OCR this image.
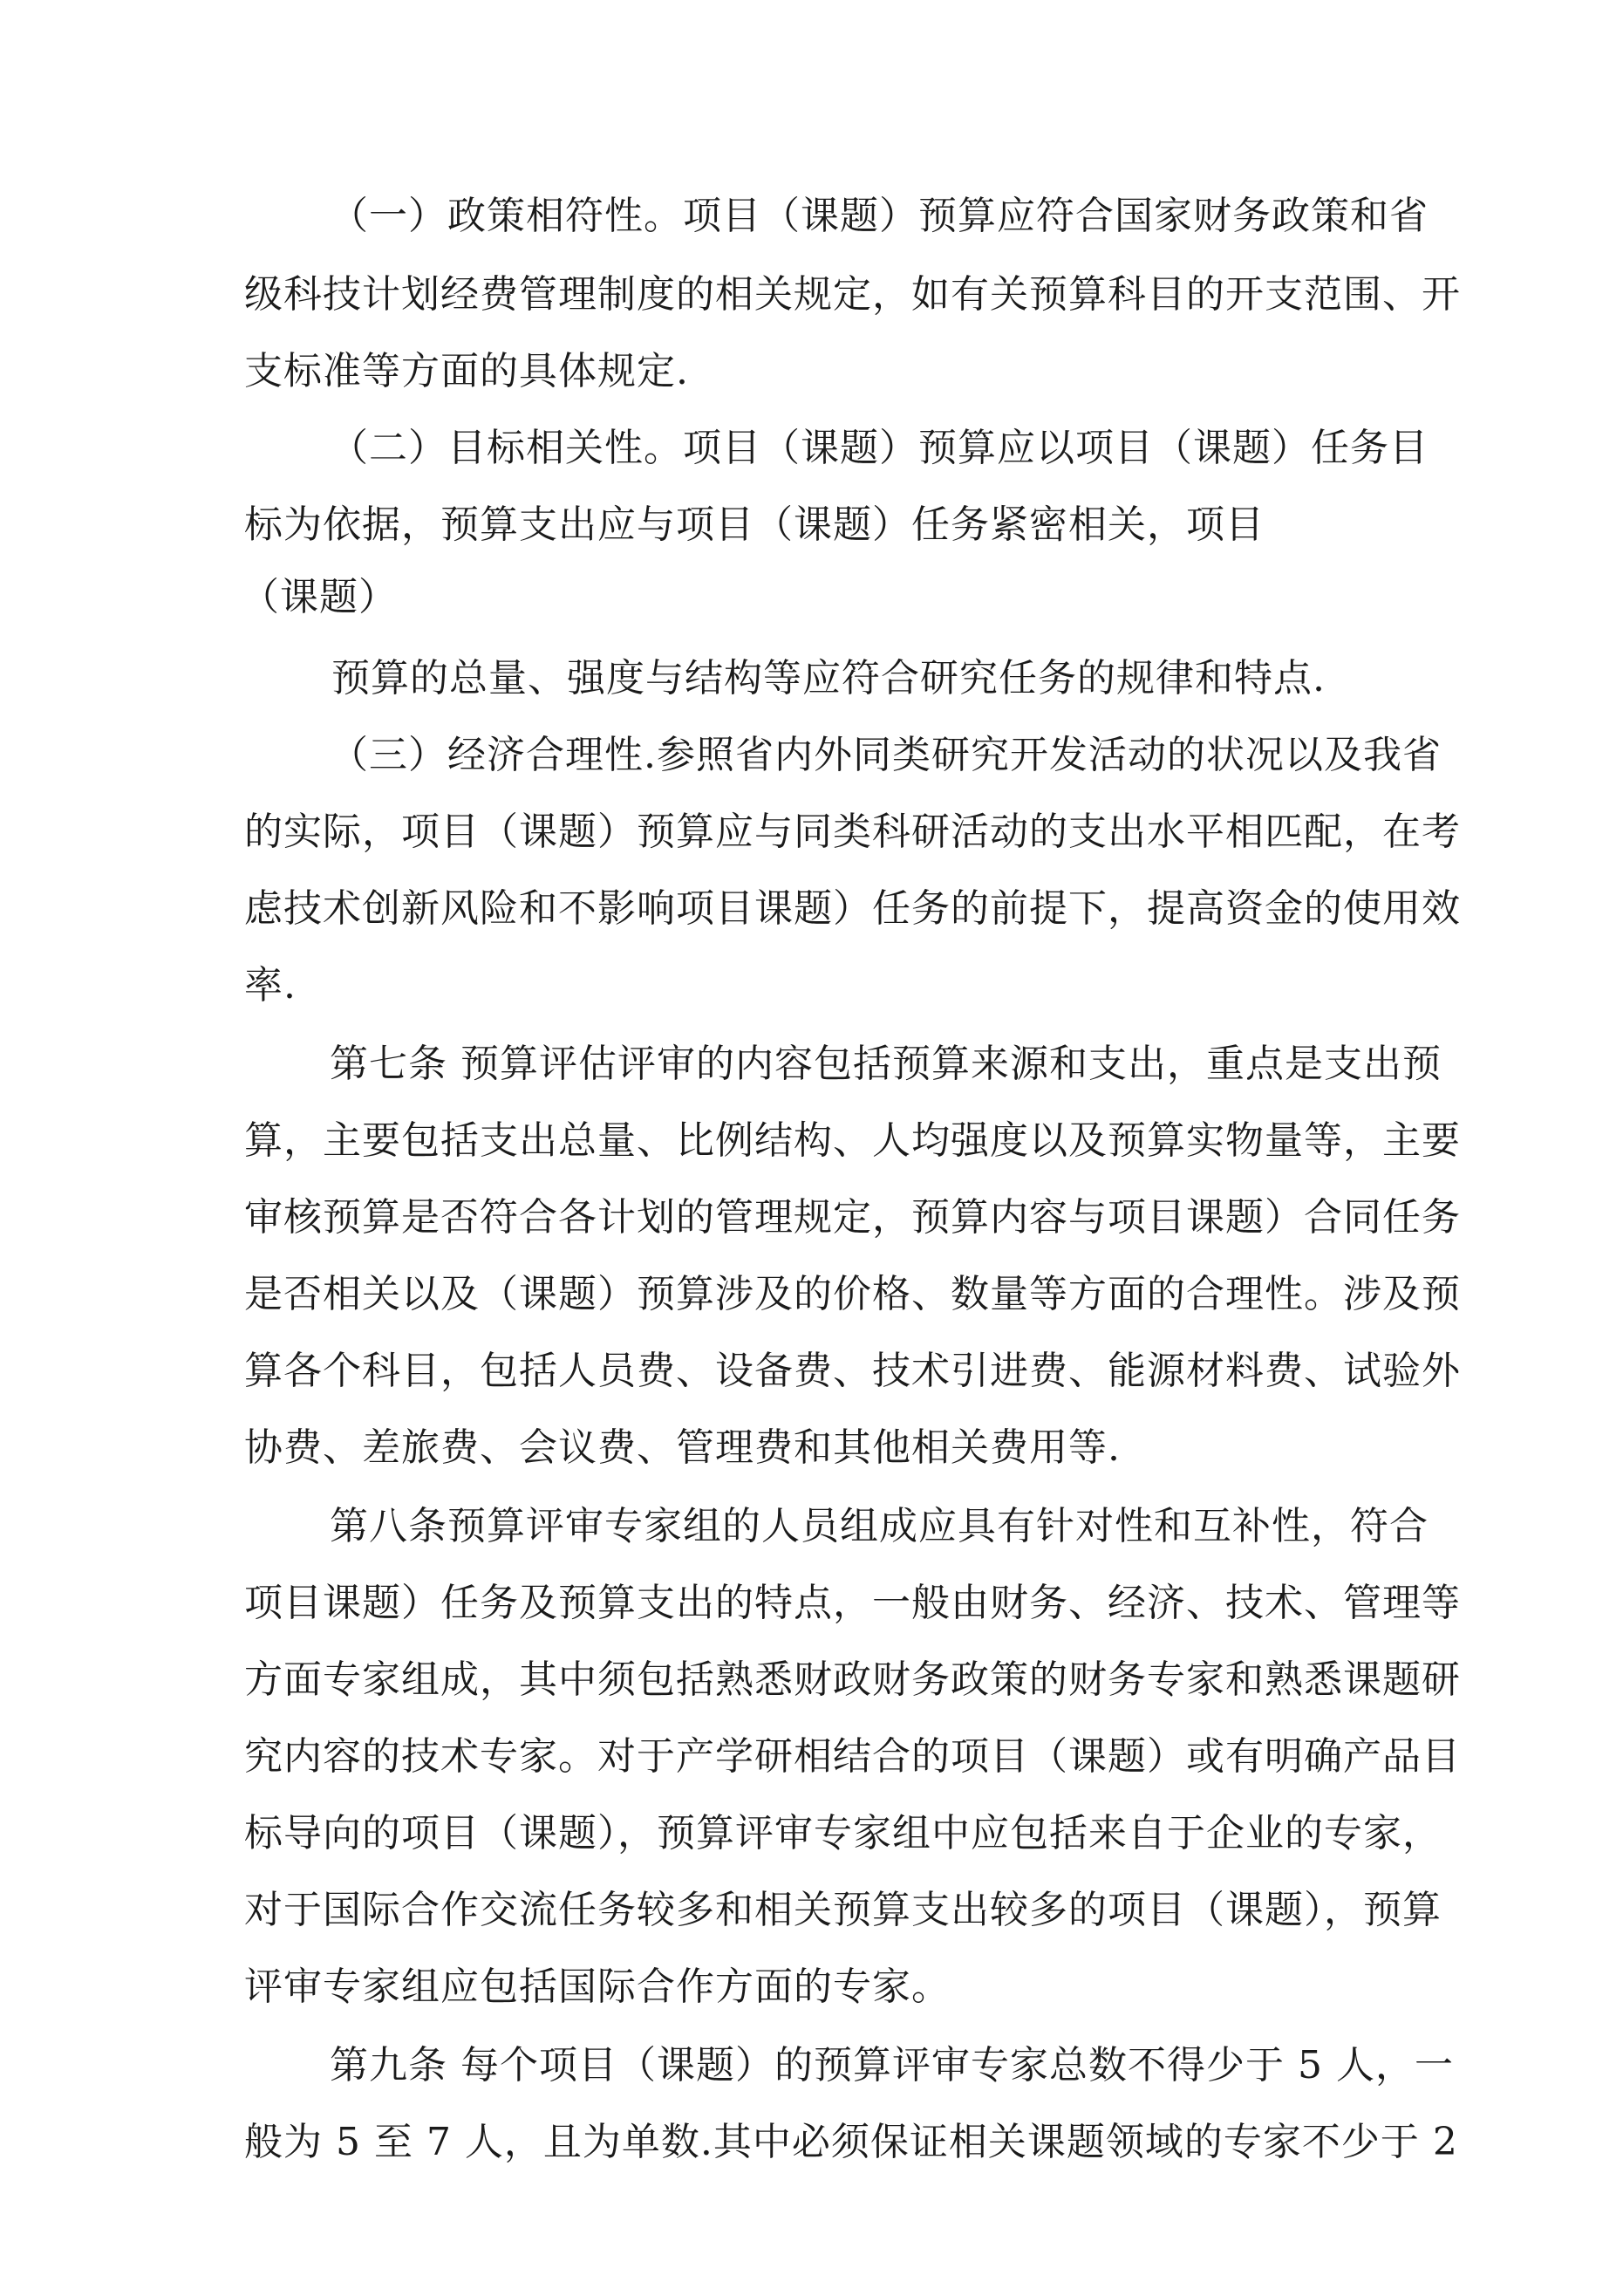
（一）政策相符性。项目（课题）预算应符合国家财务政策和省
级科技计划经费管理制度的相关规定，如有关预算科目的开支范围、开
支标准等方面的具体规定.
（二）目标相关性。项目（课题）预算应以项目（课题）任务目
标为依据，预算支出应与项目（课题）任务紧密相关，项目
（课题）
预算的总量、强度与结构等应符合研究任务的规律和特点.
（三）经济合理性.参照省内外同类研究开发活动的状况以及我省
的实际，项目（课题）预算应与同类科研活动的支出水平相匹配，在考
虑技术创新风险和不影响项目课题）任务的前提下，提高资金的使用效
率.
第七条 预算评估评审的内容包括预算来源和支出，重点是支出预
算，主要包括支出总量、比例结构、人均强度以及预算实物量等，主要
审核预算是否符合各计划的管理规定，预算内容与项目课题）合同任务
是否相关以及（课题）预算涉及的价格、数量等方面的合理性。涉及预
算各个科目，包括人员费、设备费、技术引进费、能源材料费、试验外
协费、差旅费、会议费、管理费和其他相关费用等.
第八条预算评审专家组的人员组成应具有针对性和互补性，符合
项目课题）任务及预算支出的特点，一般由财务、经济、技术、管理等
方面专家组成，其中须包括熟悉财政财务政策的财务专家和熟悉课题研
究内容的技术专家。对于产学研相结合的项目（课题）或有明确产品目
标导向的项目（课题），预算评审专家组中应包括来自于企业的专家，
对于国际合作交流任务较多和相关预算支出较多的项目（课题），预算
评审专家组应包括国际合作方面的专家。
第九条 每个项目（课题）的预算评审专家总数不得少于 5 人，一
般为 5 至 7 人，且为单数.其中必须保证相关课题领域的专家不少于 2
